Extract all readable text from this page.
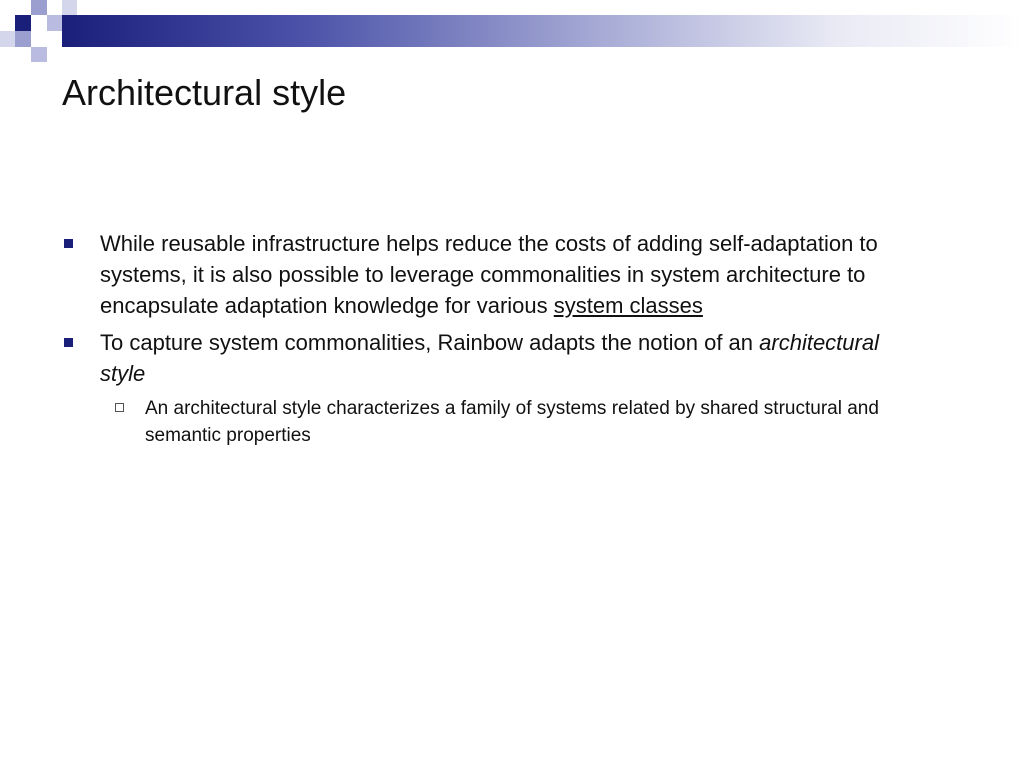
Architectural style
While reusable infrastructure helps reduce the costs of adding self-adaptation to systems, it is also possible to leverage commonalities in system architecture to encapsulate adaptation knowledge for various system classes
To capture system commonalities, Rainbow adapts the notion of an architectural style
An architectural style characterizes a family of systems related by shared structural and semantic properties
